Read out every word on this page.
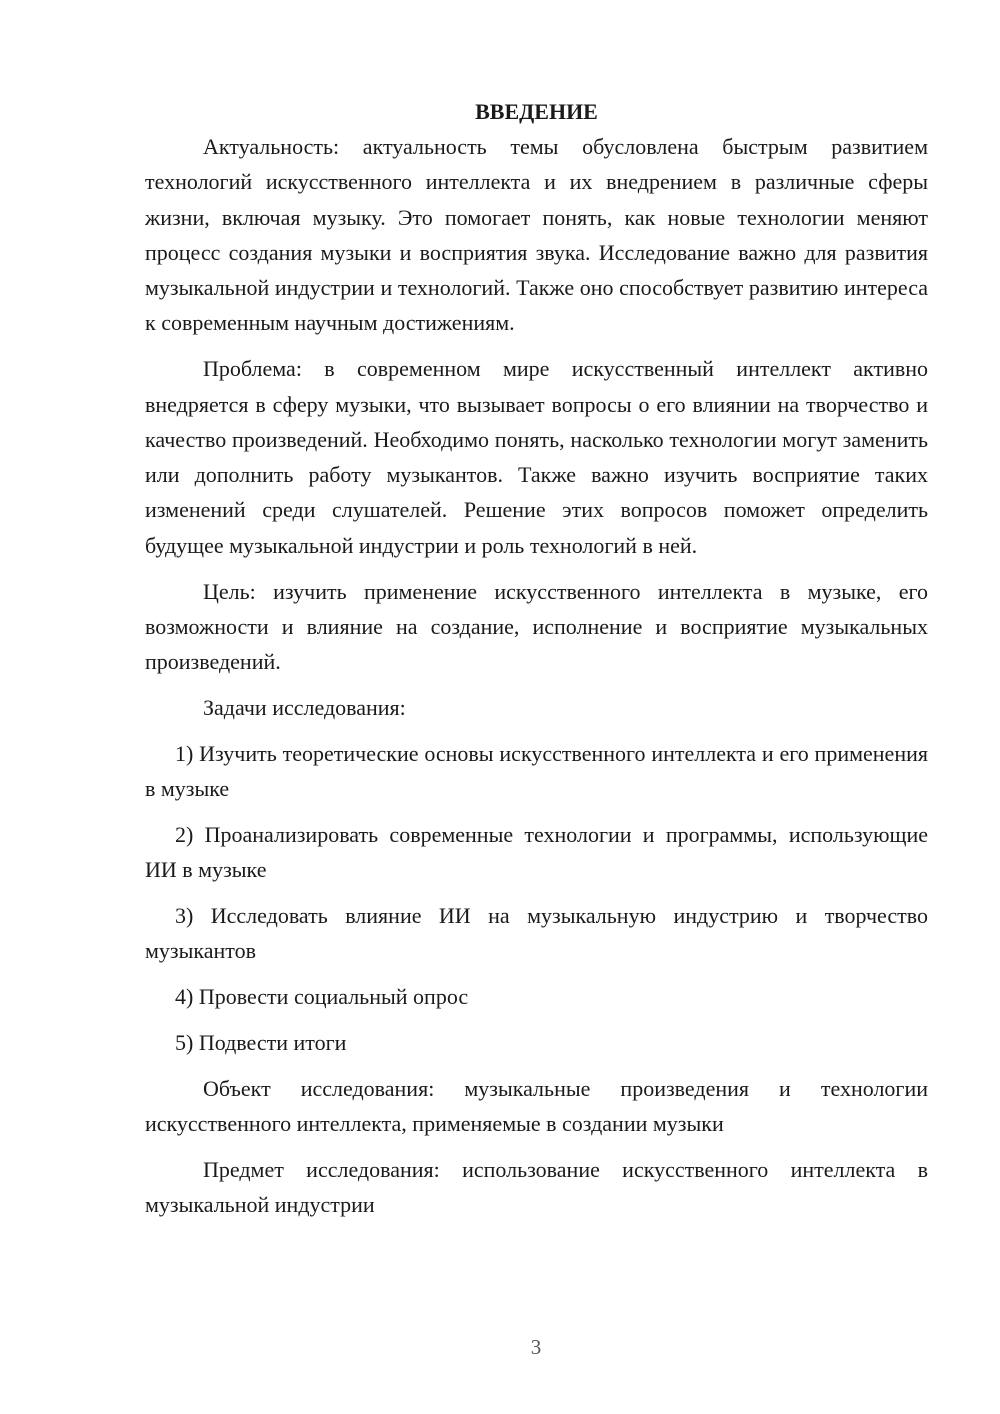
ВВЕДЕНИЕ

Актуальность: актуальность темы обусловлена быстрым развитием технологий искусственного интеллекта и их внедрением в различные сферы жизни, включая музыку. Это помогает понять, как новые технологии меняют процесс создания музыки и восприятия звука. Исследование важно для развития музыкальной индустрии и технологий. Также оно способствует развитию интереса к современным научным достижениям.

Проблема: в современном мире искусственный интеллект активно внедряется в сферу музыки, что вызывает вопросы о его влиянии на творчество и качество произведений. Необходимо понять, насколько технологии могут заменить или дополнить работу музыкантов. Также важно изучить восприятие таких изменений среди слушателей. Решение этих вопросов поможет определить будущее музыкальной индустрии и роль технологий в ней.

Цель: изучить применение искусственного интеллекта в музыке, его возможности и влияние на создание, исполнение и восприятие музыкальных произведений.

Задачи исследования:

1) Изучить теоретические основы искусственного интеллекта и его применения в музыке

2) Проанализировать современные технологии и программы, использующие ИИ в музыке

3) Исследовать влияние ИИ на музыкальную индустрию и творчество музыкантов

4) Провести социальный опрос

5) Подвести итоги

Объект исследования: музыкальные произведения и технологии искусственного интеллекта, применяемые в создании музыки

Предмет исследования: использование искусственного интеллекта в музыкальной индустрии

3
